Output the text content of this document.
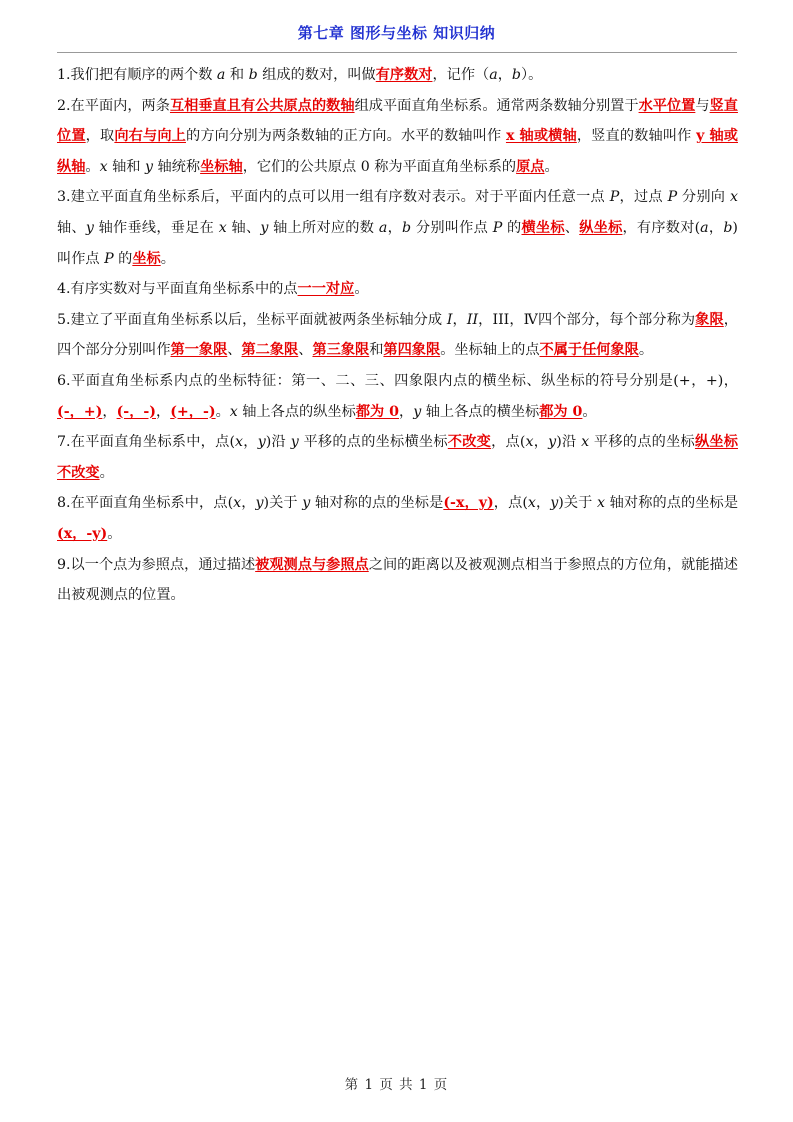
第七章 图形与坐标 知识归纳

1.我们把有顺序的两个数 a 和 b 组成的数对，叫做有序数对，记作（a，b）。

2.在平面内，两条互相垂直且有公共原点的数轴组成平面直角坐标系。通常两条数轴分别置于水平位置与竖直位置，取向右与向上的方向分别为两条数轴的正方向。水平的数轴叫作 x 轴或横轴，竖直的数轴叫作 y 轴或纵轴。x 轴和 y 轴统称坐标轴，它们的公共原点 0 称为平面直角坐标系的原点。

3.建立平面直角坐标系后，平面内的点可以用一组有序数对表示。对于平面内任意一点 P，过点 P 分别向 x 轴、y 轴作垂线，垂足在 x 轴、y 轴上所对应的数 a，b 分别叫作点 P 的横坐标、纵坐标，有序数对(a，b)叫作点 P 的坐标。

4.有序实数对与平面直角坐标系中的点一一对应。

5.建立了平面直角坐标系以后，坐标平面就被两条坐标轴分成 I，II，III，Ⅳ四个部分，每个部分称为象限，四个部分分别叫作第一象限、第二象限、第三象限和第四象限。坐标轴上的点不属于任何象限。

6.平面直角坐标系内点的坐标特征：第一、二、三、四象限内点的横坐标、纵坐标的符号分别是(+，+)，(-，+)，(-，-)，(+，-)。x 轴上各点的纵坐标都为 0，y 轴上各点的横坐标都为 0。

7.在平面直角坐标系中，点(x，y)沿 y 平移的点的坐标横坐标不改变，点(x，y)沿 x 平移的点的坐标纵坐标不改变。

8.在平面直角坐标系中，点(x，y)关于 y 轴对称的点的坐标是(-x，y)，点(x，y)关于 x 轴对称的点的坐标是(x，-y)。

9.以一个点为参照点，通过描述被观测点与参照点之间的距离以及被观测点相当于参照点的方位角，就能描述出被观测点的位置。

第 1 页 共 1 页
